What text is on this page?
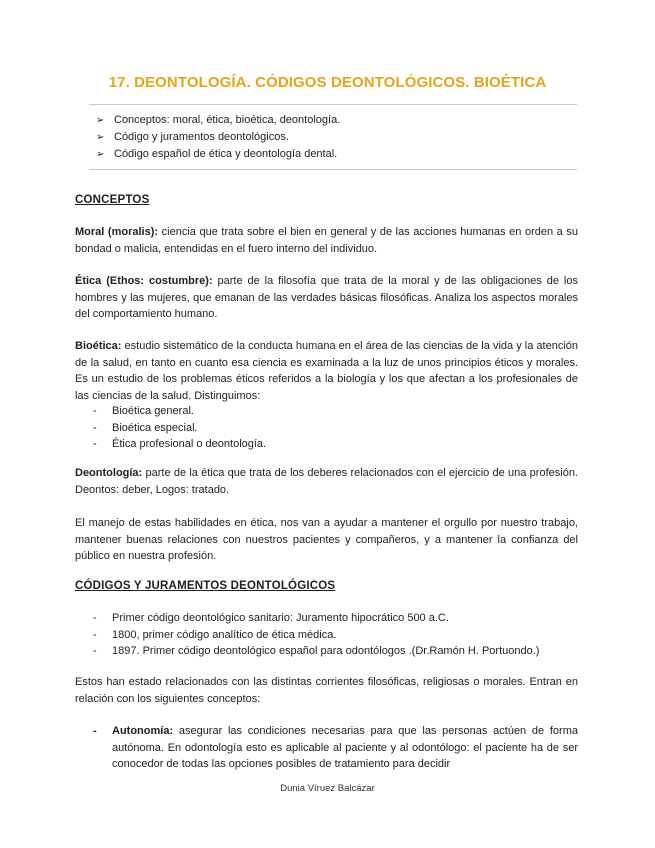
17. DEONTOLOGÍA. CÓDIGOS DEONTOLÓGICOS. BIOÉTICA
➢ Conceptos: moral, ética, bioética, deontología.
➢ Código y juramentos deontológicos.
➢ Código español de ética y deontología dental.
CONCEPTOS
Moral (moralis): ciencia que trata sobre el bien en general y de las acciones humanas en orden a su bondad o malicia, entendidas en el fuero interno del individuo.
Ética (Ethos: costumbre): parte de la filosofía que trata de la moral y de las obligaciones de los hombres y las mujeres, que emanan de las verdades básicas filosóficas. Analiza los aspectos morales del comportamiento humano.
Bioética: estudio sistemático de la conducta humana en el área de las ciencias de la vida y la atención de la salud, en tanto en cuanto esa ciencia es examinada a la luz de unos principios éticos y morales. Es un estudio de los problemas éticos referidos a la biología y los que afectan a los profesionales de las ciencias de la salud. Distinguimos:
- Bioética general.
- Bioética especial.
- Ética profesional o deontología.
Deontología: parte de la ética que trata de los deberes relacionados con el ejercicio de una profesión. Deontos: deber, Logos: tratado.
El manejo de estas habilidades en ética, nos van a ayudar a mantener el orgullo por nuestro trabajo, mantener buenas relaciones con nuestros pacientes y compañeros, y a mantener la confianza del público en nuestra profesión.
CÓDIGOS Y JURAMENTOS DEONTOLÓGICOS
- Primer código deontológico sanitario: Juramento hipocrático 500 a.C.
- 1800, primer código analítico de ética médica.
- 1897. Primer código deontológico español para odontólogos .(Dr.Ramón H. Portuondo.)
Estos han estado relacionados con las distintas corrientes filosóficas, religiosas o morales. Entran en relación con los siguientes conceptos:
- Autonomía: asegurar las condiciones necesarias para que las personas actúen de forma autónoma. En odontología esto es aplicable al paciente y al odontólogo: el paciente ha de ser conocedor de todas las opciones posibles de tratamiento para decidir
Dunia Víruez Balcázar
